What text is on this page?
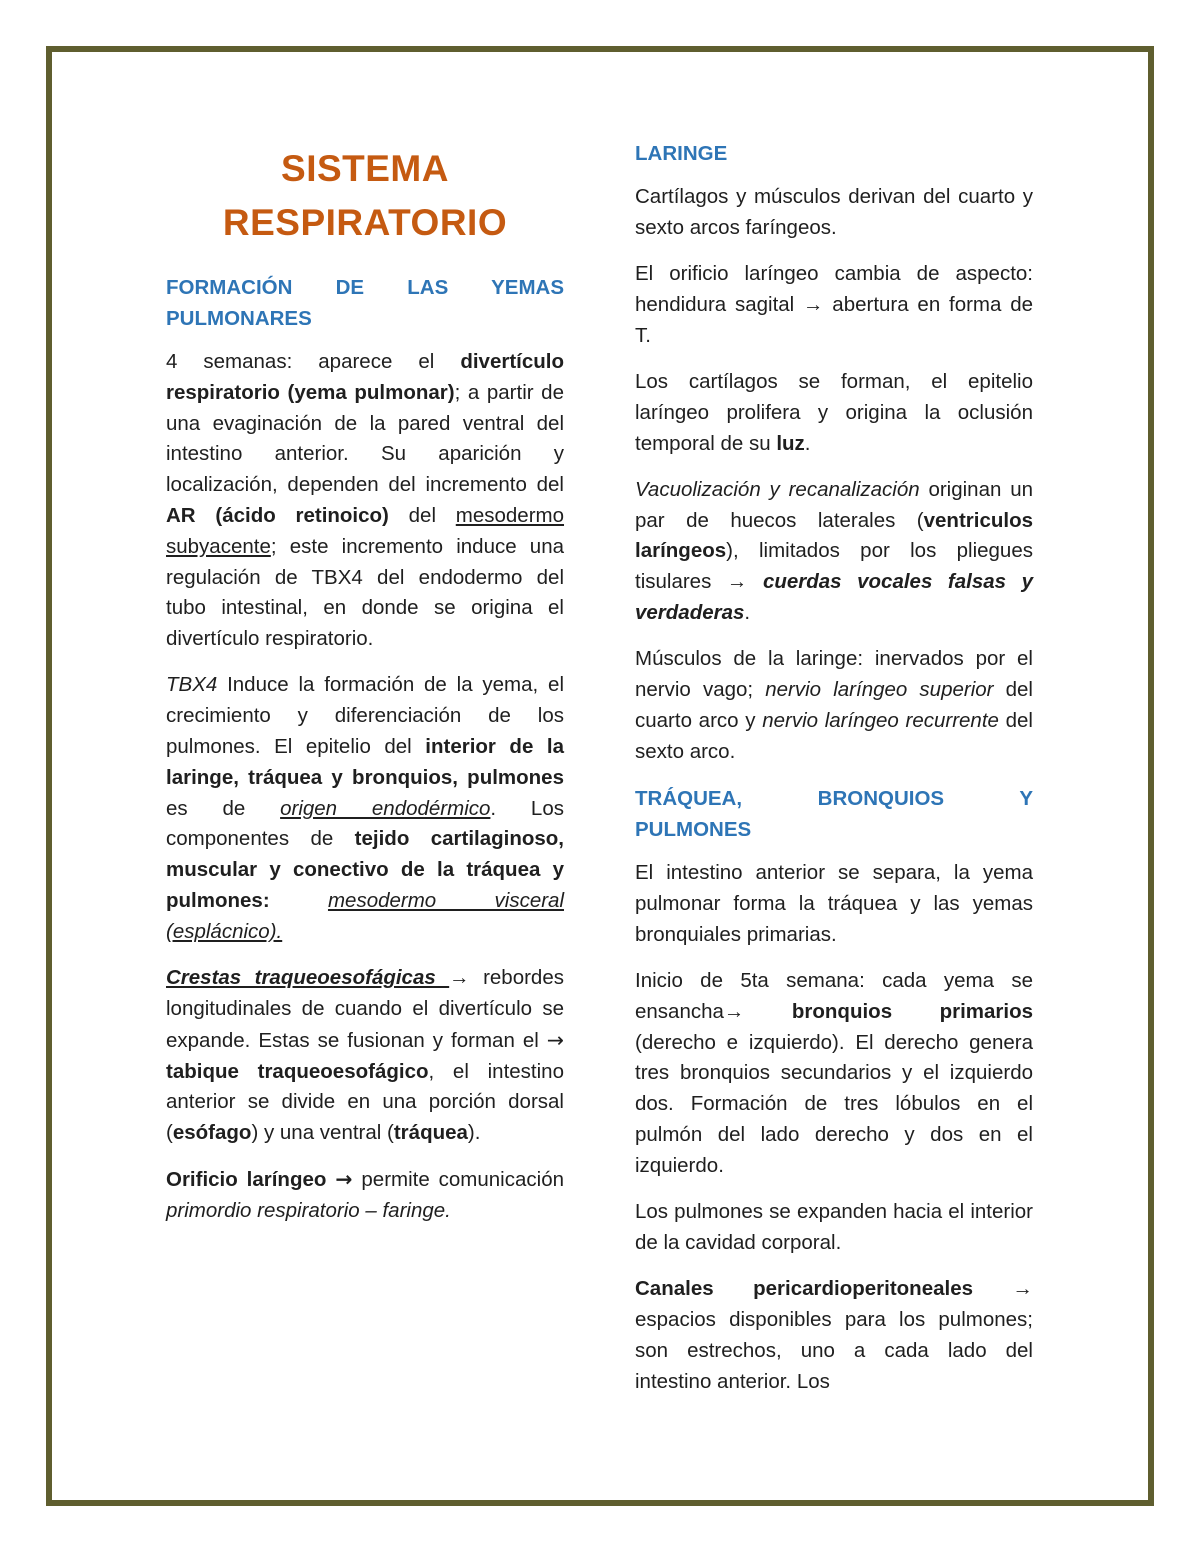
SISTEMA
RESPIRATORIO
FORMACIÓN DE LAS YEMAS
PULMONARES

4 semanas: aparece el divertículo respiratorio (yema pulmonar); a partir de una evaginación de la pared ventral del intestino anterior. Su aparición y localización, dependen del incremento del AR (ácido retinoico) del mesodermo subyacente; este incremento induce una regulación de TBX4 del endodermo del tubo intestinal, en donde se origina el divertículo respiratorio.

TBX4 Induce la formación de la yema, el crecimiento y diferenciación de los pulmones. El epitelio del interior de la laringe, tráquea y bronquios, pulmones es de origen endodérmico. Los componentes de tejido cartilaginoso, muscular y conectivo de la tráquea y pulmones:	mesodermo visceral (esplácnico).

Crestas traqueoesofágicas → rebordes longitudinales de cuando el divertículo se expande. Estas se fusionan y forman el → tabique traqueoesofágico, el intestino anterior se divide en una porción dorsal (esófago) y una ventral (tráquea).

Orificio laríngeo → permite comunicación primordio respiratorio – faringe.

LARINGE

Cartílagos y músculos derivan del cuarto y sexto arcos faríngeos.

El orificio laríngeo cambia de aspecto: hendidura sagital → abertura en forma de T.

Los cartílagos se forman, el epitelio laríngeo prolifera y origina la oclusión temporal de su luz.

Vacuolización y recanalización originan un par de huecos laterales (ventriculos laríngeos), limitados por los pliegues tisulares → cuerdas vocales falsas y verdaderas.

Músculos de la laringe: inervados por el nervio vago; nervio laríngeo superior del cuarto arco y nervio laríngeo recurrente del sexto arco.

TRÁQUEA, BRONQUIOS Y
PULMONES

El intestino anterior se separa, la yema pulmonar forma la tráquea y las yemas bronquiales primarias.

Inicio de 5ta semana: cada yema se ensancha→ bronquios primarios (derecho e izquierdo). El derecho genera tres bronquios secundarios y el izquierdo dos. Formación de tres lóbulos en el pulmón del lado derecho y dos en el izquierdo.

Los pulmones se expanden hacia el interior de la cavidad corporal.

Canales pericardioperitoneales → espacios disponibles para los pulmones; son estrechos, uno a cada lado del intestino anterior. Los
